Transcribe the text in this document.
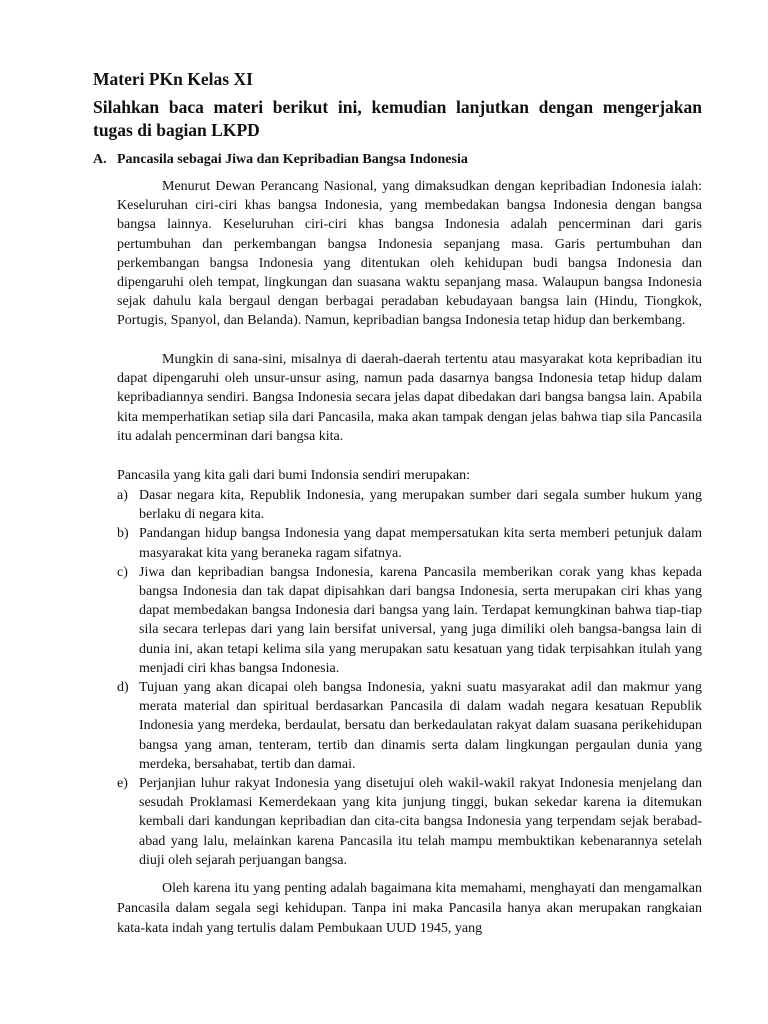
Materi PKn Kelas XI
Silahkan baca materi berikut ini, kemudian lanjutkan dengan mengerjakan tugas di bagian LKPD
A. Pancasila sebagai Jiwa dan Kepribadian Bangsa Indonesia

Menurut Dewan Perancang Nasional, yang dimaksudkan dengan kepribadian Indonesia ialah: Keseluruhan ciri-ciri khas bangsa Indonesia, yang membedakan bangsa Indonesia dengan bangsa bangsa lainnya. Keseluruhan ciri-ciri khas bangsa Indonesia adalah pencerminan dari garis pertumbuhan dan perkembangan bangsa Indonesia sepanjang masa. Garis pertumbuhan dan perkembangan bangsa Indonesia yang ditentukan oleh kehidupan budi bangsa Indonesia dan dipengaruhi oleh tempat, lingkungan dan suasana waktu sepanjang masa. Walaupun bangsa Indonesia sejak dahulu kala bergaul dengan berbagai peradaban kebudayaan bangsa lain (Hindu, Tiongkok, Portugis, Spanyol, dan Belanda). Namun, kepribadian bangsa Indonesia tetap hidup dan berkembang.

Mungkin di sana-sini, misalnya di daerah-daerah tertentu atau masyarakat kota kepribadian itu dapat dipengaruhi oleh unsur-unsur asing, namun pada dasarnya bangsa Indonesia tetap hidup dalam kepribadiannya sendiri. Bangsa Indonesia secara jelas dapat dibedakan dari bangsa bangsa lain. Apabila kita memperhatikan setiap sila dari Pancasila, maka akan tampak dengan jelas bahwa tiap sila Pancasila itu adalah pencerminan dari bangsa kita.

Pancasila yang kita gali dari bumi Indonsia sendiri merupakan:

a) Dasar negara kita, Republik Indonesia, yang merupakan sumber dari segala sumber hukum yang berlaku di negara kita.
b) Pandangan hidup bangsa Indonesia yang dapat mempersatukan kita serta memberi petunjuk dalam masyarakat kita yang beraneka ragam sifatnya.
c) Jiwa dan kepribadian bangsa Indonesia, karena Pancasila memberikan corak yang khas kepada bangsa Indonesia dan tak dapat dipisahkan dari bangsa Indonesia, serta merupakan ciri khas yang dapat membedakan bangsa Indonesia dari bangsa yang lain. Terdapat kemungkinan bahwa tiap-tiap sila secara terlepas dari yang lain bersifat universal, yang juga dimiliki oleh bangsa-bangsa lain di dunia ini, akan tetapi kelima sila yang merupakan satu kesatuan yang tidak terpisahkan itulah yang menjadi ciri khas bangsa Indonesia.
d) Tujuan yang akan dicapai oleh bangsa Indonesia, yakni suatu masyarakat adil dan makmur yang merata material dan spiritual berdasarkan Pancasila di dalam wadah negara kesatuan Republik Indonesia yang merdeka, berdaulat, bersatu dan berkedaulatan rakyat dalam suasana perikehidupan bangsa yang aman, tenteram, tertib dan dinamis serta dalam lingkungan pergaulan dunia yang merdeka, bersahabat, tertib dan damai.
e) Perjanjian luhur rakyat Indonesia yang disetujui oleh wakil-wakil rakyat Indonesia menjelang dan sesudah Proklamasi Kemerdekaan yang kita junjung tinggi, bukan sekedar karena ia ditemukan kembali dari kandungan kepribadian dan cita-cita bangsa Indonesia yang terpendam sejak berabad-abad yang lalu, melainkan karena Pancasila itu telah mampu membuktikan kebenarannya setelah diuji oleh sejarah perjuangan bangsa.

Oleh karena itu yang penting adalah bagaimana kita memahami, menghayati dan mengamalkan Pancasila dalam segala segi kehidupan. Tanpa ini maka Pancasila hanya akan merupakan rangkaian kata-kata indah yang tertulis dalam Pembukaan UUD 1945, yang
